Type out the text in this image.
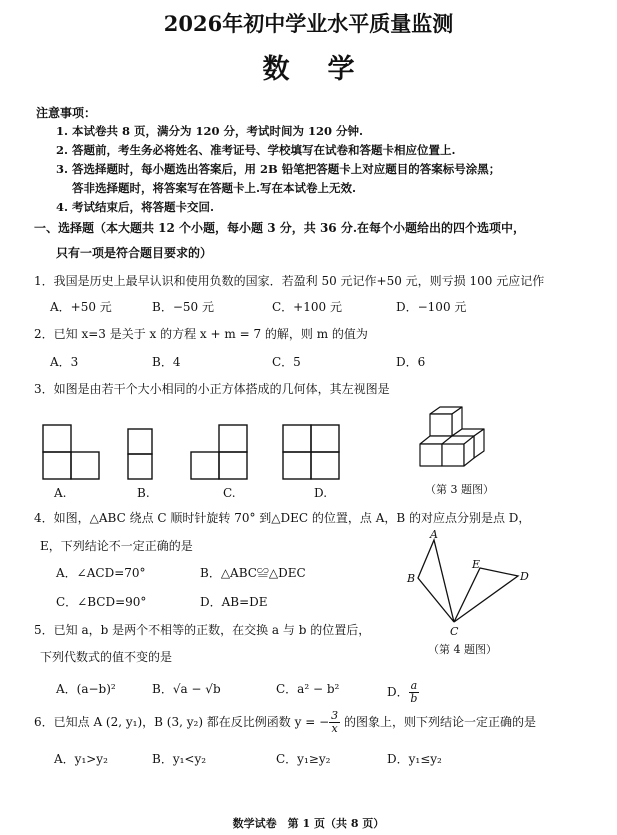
2026年初中学业水平质量监测
数学
注意事项：
1. 本试卷共 8 页，满分为 120 分，考试时间为 120 分钟.
2. 答题前，考生务必将姓名、准考证号、学校填写在试卷和答题卡相应位置上.
3. 答选择题时，每小题选出答案后，用 2B 铅笔把答题卡上对应题目的答案标号涂黑；
答非选择题时，将答案写在答题卡上.写在本试卷上无效.
4. 考试结束后，将答题卡交回.
一、选择题（本大题共 12 个小题，每小题 3 分，共 36 分.在每个小题给出的四个选项中，
只有一项是符合题目要求的）
1．我国是历史上最早认识和使用负数的国家．若盈利 50 元记作+50 元，则亏损 100 元应记作
A．+50 元	B．−50 元	C．+100 元	D．−100 元
2．已知 x=3 是关于 x 的方程 x + m = 7 的解，则 m 的值为
A．3	B．4	C．5	D．6
3．如图是由若干个大小相同的小正方体搭成的几何体，其左视图是
A.	B.	C.	D.	（第 3 题图）
4．如图，△ABC 绕点 C 顺时针旋转 70° 到△DEC 的位置，点 A，B 的对应点分别是点 D，
E，下列结论不一定正确的是
A．∠ACD=70°	B．△ABC≌△DEC
C．∠BCD=90°	D．AB=DE
A
B
E
D
C
（第 4 题图）
5．已知 a，b 是两个不相等的正数，在交换 a 与 b 的位置后，
下列代数式的值不变的是
A．(a−b)²	B．√a − √b	C．a² − b²	D． $\frac{a}{b}$
6．已知点 A (2, y₁)，B (3, y₂) 都在反比例函数 y = − $\frac{3}{x}$ 的图象上，则下列结论一定正确的是
A．y₁>y₂	B．y₁<y₂	C．y₁≥y₂	D．y₁≤y₂
数学试卷　第 1 页（共 8 页）
